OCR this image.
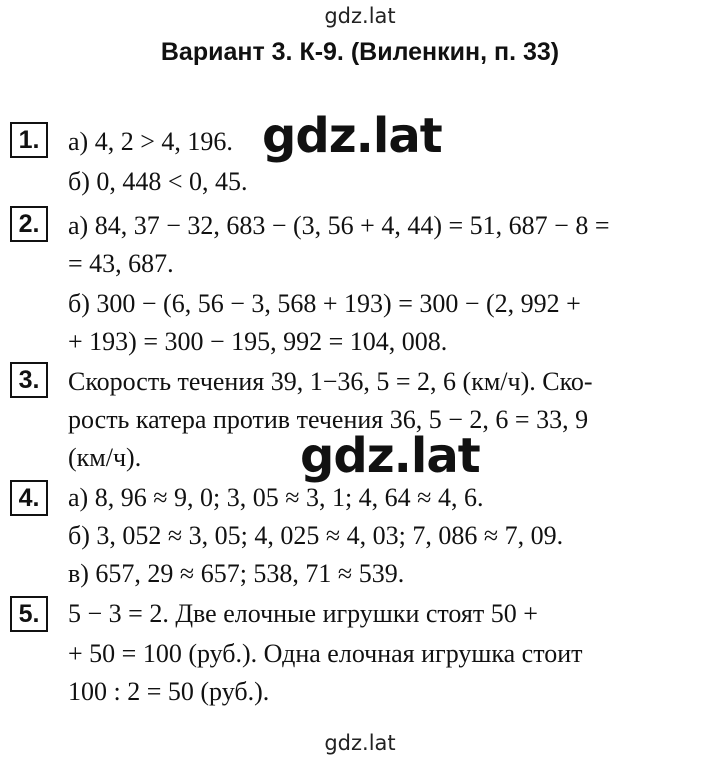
gdz.lat
Вариант 3. К-9. (Виленкин, п. 33)
1.	а) 4, 2 > 4, 196.
б) 0, 448 < 0, 45.
gdz.lat
2.	а) 84, 37 − 32, 683 − (3, 56 + 4, 44) = 51, 687 − 8 =
= 43, 687.
б) 300 − (6, 56 − 3, 568 + 193) = 300 − (2, 992 +
+ 193) = 300 − 195, 992 = 104, 008.
3.	Скорость течения 39, 1−36, 5 = 2, 6 (км/ч). Ско-
рость катера против течения 36, 5 − 2, 6 = 33, 9
(км/ч).	gdz.lat
4.	а) 8, 96 ≈ 9, 0; 3, 05 ≈ 3, 1; 4, 64 ≈ 4, 6.
б) 3, 052 ≈ 3, 05; 4, 025 ≈ 4, 03; 7, 086 ≈ 7, 09.
в) 657, 29 ≈ 657; 538, 71 ≈ 539.
5.	5 − 3 = 2. Две елочные игрушки стоят 50 +
+ 50 = 100 (руб.). Одна елочная игрушка стоит
100 : 2 = 50 (руб.).
gdz.lat
